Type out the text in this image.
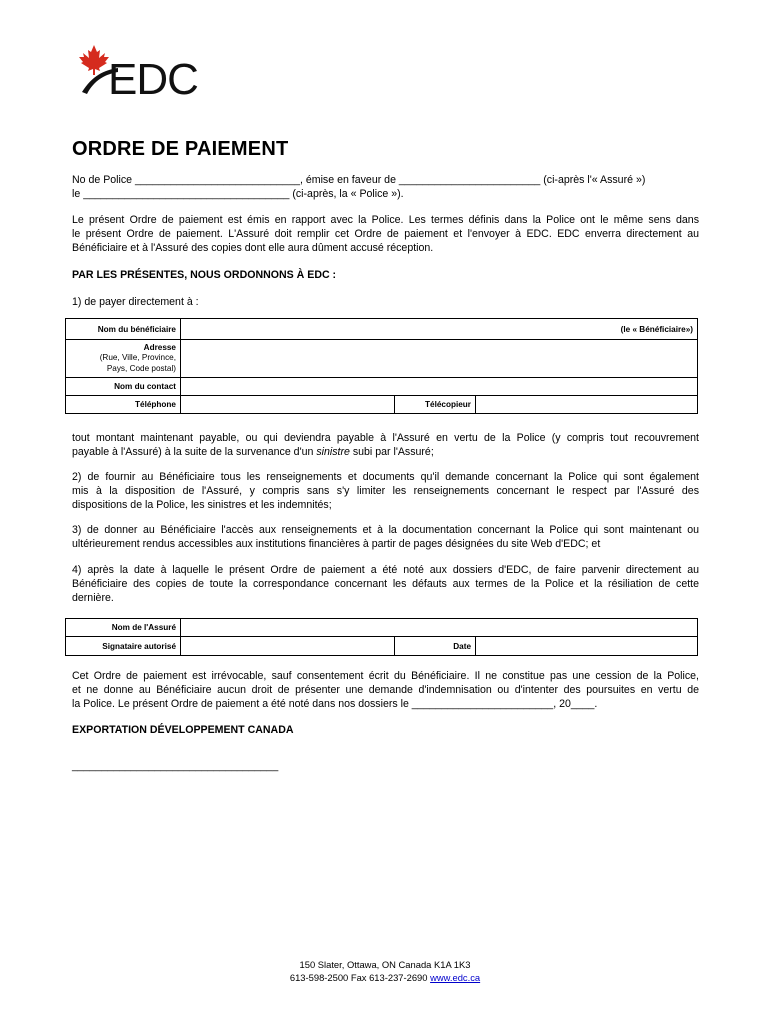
EDC
ORDRE DE PAIEMENT
No de Police ____________________________, émise en faveur de ________________________ (ci-après l'« Assuré »)
le ___________________________________ (ci-après, la « Police »).
Le présent Ordre de paiement est émis en rapport avec la Police. Les termes définis dans la Police ont le même sens dans
le présent Ordre de paiement. L'Assuré doit remplir cet Ordre de paiement et l'envoyer à EDC. EDC enverra directement au
Bénéficiaire et à l'Assuré des copies dont elle aura dûment accusé réception.
PAR LES PRÉSENTES, NOUS ORDONNONS À EDC :
1) de payer directement à :
Nom du bénéficiaire	(le « Bénéficiaire»)		
Adresse
(Rue, Ville, Province,
Pays, Code postal)			

Nom du contact			
Téléphone		Télécopieur	
tout montant maintenant payable, ou qui deviendra payable à l'Assuré en vertu de la Police (y compris tout recouvrement
payable à l'Assuré) à la suite de la survenance d'un sinistre subi par l'Assuré;
2) de fournir au Bénéficiaire tous les renseignements et documents qu'il demande concernant la Police qui sont également
mis à la disposition de l'Assuré, y compris sans s'y limiter les renseignements concernant le respect par l'Assuré des
dispositions de la Police, les sinistres et les indemnités;
3) de donner au Bénéficiaire l'accès aux renseignements et à la documentation concernant la Police qui sont maintenant ou
ultérieurement rendus accessibles aux institutions financières à partir de pages désignées du site Web d'EDC; et
4) après la date à laquelle le présent Ordre de paiement a été noté aux dossiers d'EDC, de faire parvenir directement au
Bénéficiaire des copies de toute la correspondance concernant les défauts aux termes de la Police et la résiliation de cette
dernière.
Nom de l'Assuré			
Signataire autorisé		Date	
Cet Ordre de paiement est irrévocable, sauf consentement écrit du Bénéficiaire. Il ne constitue pas une cession de la Police,
et ne donne au Bénéficiaire aucun droit de présenter une demande d'indemnisation ou d'intenter des poursuites en vertu de
la Police. Le présent Ordre de paiement a été noté dans nos dossiers le ________________________, 20____.
EXPORTATION DÉVELOPPEMENT CANADA
___________________________________
150 Slater, Ottawa, ON Canada K1A 1K3
613-598-2500 Fax 613-237-2690 www.edc.ca
